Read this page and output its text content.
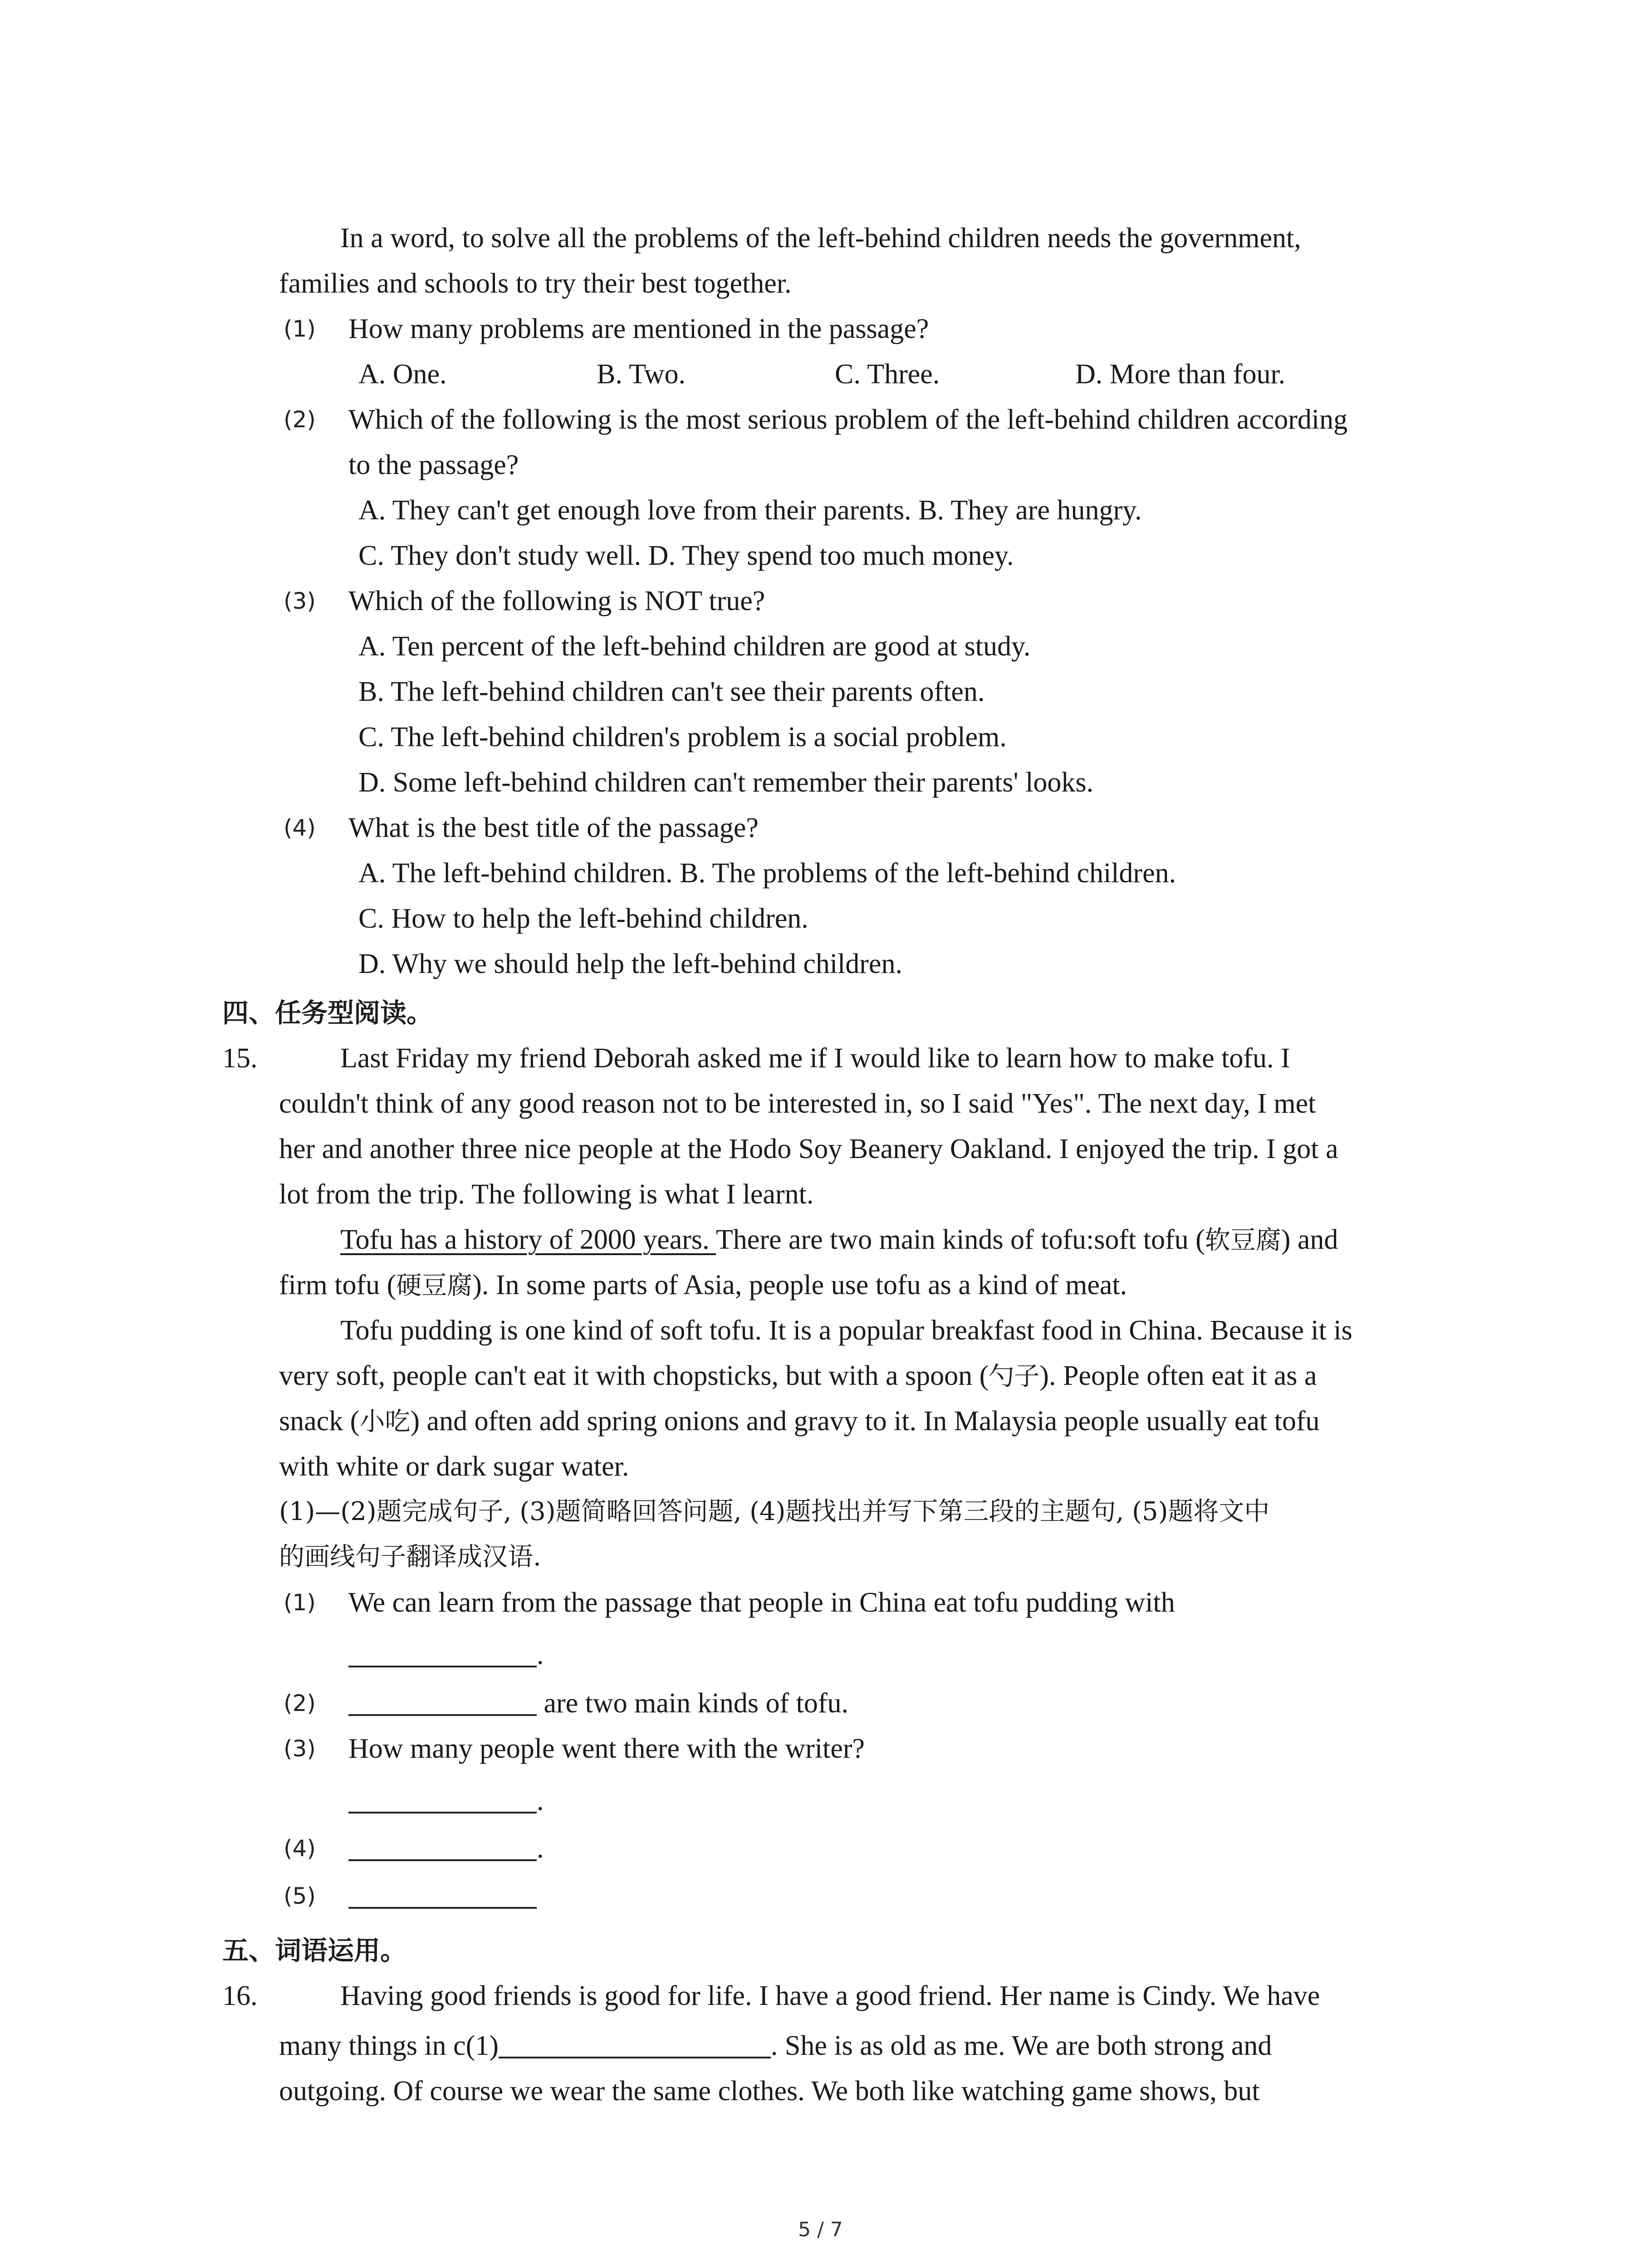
In a word, to solve all the problems of the left-behind children needs the government,
families and schools to try their best together.
(1) How many problems are mentioned in the passage?
A. One.	B. Two.	C. Three.	D. More than four.
(2) Which of the following is the most serious problem of the left-behind children according
to the passage?
A. They can't get enough love from their parents. B. They are hungry.
C. They don't study well. D. They spend too much money.
(3) Which of the following is NOT true?
A. Ten percent of the left-behind children are good at study.
B. The left-behind children can't see their parents often.
C. The left-behind children's problem is a social problem.
D. Some left-behind children can't remember their parents' looks.
(4) What is the best title of the passage?
A. The left-behind children. B. The problems of the left-behind children.
C. How to help the left-behind children.
D. Why we should help the left-behind children.
四、任务型阅读。
15.	Last Friday my friend Deborah asked me if I would like to learn how to make tofu. I
couldn't think of any good reason not to be interested in, so I said "Yes". The next day, I met
her and another three nice people at the Hodo Soy Beanery Oakland. I enjoyed the trip. I got a
lot from the trip. The following is what I learnt.
Tofu has a history of 2000 years. There are two main kinds of tofu:soft tofu (软豆腐) and
firm tofu (硬豆腐). In some parts of Asia, people use tofu as a kind of meat.
Tofu pudding is one kind of soft tofu. It is a popular breakfast food in China. Because it is
very soft, people can't eat it with chopsticks, but with a spoon (勺子). People often eat it as a
snack (小吃) and often add spring onions and gravy to it. In Malaysia people usually eat tofu
with white or dark sugar water.
(1)—(2)题完成句子, (3)题简略回答问题, (4)题找出并写下第三段的主题句, (5)题将文中
的画线句子翻译成汉语.
(1) We can learn from the passage that people in China eat tofu pudding with
.
(2)	are two main kinds of tofu.
(3) How many people went there with the writer?
.
(4)	.
(5)
五、词语运用。
16.	Having good friends is good for life. I have a good friend. Her name is Cindy. We have
many things in c(1)	. She is as old as me. We are both strong and
outgoing. Of course we wear the same clothes. We both like watching game shows, but
5 / 7
